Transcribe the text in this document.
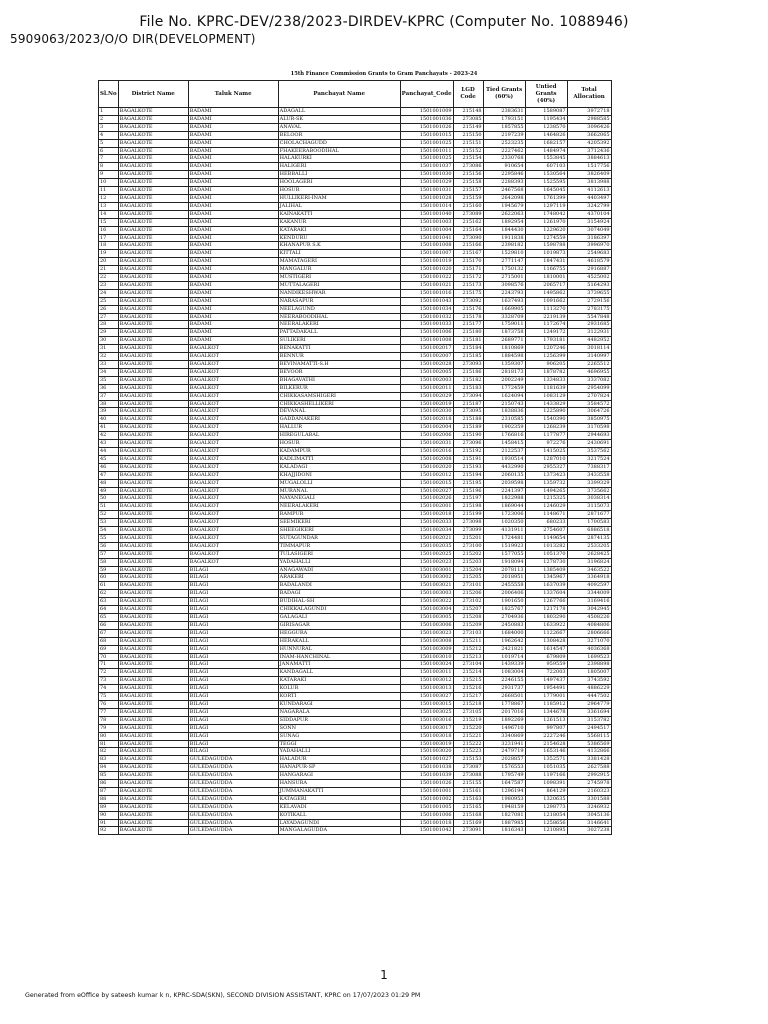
File No. KPRC-DEV/238/2023-DIRDEV-KPRC (Computer No. 1088946)
5909063/2023/O/O DIR(DEVELOPMENT)
15th Finance Commission Grants to Gram Panchayats - 2023-24
Sl.No	District Name	Taluk Name	Panchayat Name	Panchayat_Code	LGD Code	Tied Grants (60%)	Untied Grants (40%)	Total Allocation
1	BAGALKOTE	BADAMI	ADAGALL	1501001009	215148	2383631	1589087	3972718
2	BAGALKOTE	BADAMI	ALUR-SK	1501001036	273085	1793151	1195434	2988585
3	BAGALKOTE	BADAMI	ANAVAL	1501001026	215149	1857855	1238570	3096426
4	BAGALKOTE	BADAMI	BELOOR	1501001015	215150	2197239	1464826	3662065
5	BAGALKOTE	BADAMI	CHOLACHAGUDD	1501001025	215151	2523235	1682157	4205392
6	BAGALKOTE	BADAMI	FHAKEERABOODIHAL	1501001011	215152	2227462	1484974	3712436
7	BAGALKOTE	BADAMI	HALAKURKI	1501001025	215154	2330768	1553845	3884613
8	BAGALKOTE	BADAMI	HALIGERI	1501001037	273086	910654	607103	1517756
9	BAGALKOTE	BADAMI	HEBBALLI	1501001030	215156	2295846	1530564	3826409
10	BAGALKOTE	BADAMI	HOOLAGERI	1501001029	215158	2288393	1525595	3813988
11	BAGALKOTE	BADAMI	HOSUR	1501001031	215157	2467568	1645045	4112613
12	BAGALKOTE	BADAMI	HULLIKERI-INAM	1501001028	215159	2642098	1761399	4403497
13	BAGALKOTE	BADAMI	JALIHAL	1501001014	215160	1945679	1297119	3242799
14	BAGALKOTE	BADAMI	KAINAKATTI	1501001040	273089	2622063	1748042	4370104
15	BAGALKOTE	BADAMI	KAKANUR	1501001003	215162	1892954	1261970	3154924
16	BAGALKOTE	BADAMI	KATARAKI	1501001004	215164	1844430	1229620	3074049
17	BAGALKOTE	BADAMI	KENDURU	1501001041	273090	1911838	1274559	3186397
18	BAGALKOTE	BADAMI	KHANAPUR S.K	1501001008	215166	2398182	1598788	3996970
19	BAGALKOTE	BADAMI	KITTALI	1501001007	215167	1529810	1019873	2549683
20	BAGALKOTE	BADAMI	MAMATAGERI	1501001019	215170	2771147	1847431	4618579
21	BAGALKOTE	BADAMI	MANGALUR	1501001020	215171	1750132	1166755	2916887
22	BAGALKOTE	BADAMI	MUSTIGERI	1501001022	215172	2715001	1810001	4525002
23	BAGALKOTE	BADAMI	MUTTALAGERI	1501001021	215173	3098576	2065717	5164293
24	BAGALKOTE	BADAMI	NANDIKESHWAR	1501001016	215175	2243793	1495862	3739655
25	BAGALKOTE	BADAMI	NARASAPUR	1501001043	273092	1637493	1091662	2729156
26	BAGALKOTE	BADAMI	NEELAGUND	1501001034	215176	1669905	1113270	2783175
27	BAGALKOTE	BADAMI	NEERABOODIHAL	1501001032	215178	3328709	2219139	5547848
28	BAGALKOTE	BADAMI	NEERALAKERI	1501001033	215177	1759011	1172674	2931685
29	BAGALKOTE	BADAMI	PATTADAKALL	1501001006	215180	1873758	1249172	3122931
30	BAGALKOTE	BADAMI	SULIKERI	1501001008	215181	2689771	1793181	4482952
31	BAGALKOTE	BAGALKOT	BENAKATTI	1501002017	215184	1810869	1207246	3018114
32	BAGALKOTE	BAGALKOT	BENNUR	1501002007	215185	1884598	1256399	3140997
33	BAGALKOTE	BAGALKOT	BEVINAMATTI-S.H	1501002028	273093	1359307	906205	2265512
34	BAGALKOTE	BAGALKOT	BEVOOR	1501002005	215186	2818173	1878782	4696955
35	BAGALKOTE	BAGALKOT	BHAGAVATHI	1501002003	215182	2002249	1334833	3337082
36	BAGALKOTE	BAGALKOT	BILKERUR	1501002011	215183	1772459	1181639	2954099
37	BAGALKOTE	BAGALKOT	CHIKKASAMSHIGERI	1501002029	273094	1624094	1083129	2707824
38	BAGALKOTE	BAGALKOT	CHIKKASHELLIKERI	1501002019	215187	2150743	1433829	3584572
39	BAGALKOTE	BAGALKOT	DEVANAL	1501002030	273095	1838836	1225890	3064726
40	BAGALKOTE	BAGALKOT	GADDANAKERI	1501002018	215188	2310585	1540390	3850975
41	BAGALKOTE	BAGALKOT	HALLUR	1501002004	215189	1902359	1268239	3170598
42	BAGALKOTE	BAGALKOT	HIREGULABAL	1501002006	215190	1766816	1177877	2944693
43	BAGALKOTE	BAGALKOT	HOSUR	1501002031	273096	1458415	972276	2430691
44	BAGALKOTE	BAGALKOT	KADAMPUR	1501002016	215192	2122537	1415025	3537562
45	BAGALKOTE	BAGALKOT	KADLIMATTI	1501002008	215191	1930514	1287010	3217524
46	BAGALKOTE	BAGALKOT	KALADAGI	1501002020	215193	4432990	2955327	7388317
47	BAGALKOTE	BAGALKOT	KHAJJIDONI	1501002012	215194	2060135	1373423	3433558
48	BAGALKOTE	BAGALKOT	MUGALOLLI	1501002015	215195	2039598	1359732	3399329
49	BAGALKOTE	BAGALKOT	MURANAL	1501002027	215196	2241397	1494265	3735662
50	BAGALKOTE	BAGALKOT	NAYANEGALI	1501002026	215197	1822988	1215325	3038314
51	BAGALKOTE	BAGALKOT	NEERALAKERI	1501002001	215198	1869044	1246029	3115073
52	BAGALKOTE	BAGALKOT	RAMPUR	1501002018	215199	1723006	1148671	2871677
53	BAGALKOTE	BAGALKOT	SEEMIKERI	1501002033	273098	1020350	680233	1700583
54	BAGALKOTE	BAGALKOT	SHEEGIKERI	1501002034	273099	4131911	2754607	6886518
55	BAGALKOTE	BAGALKOT	SUTAGUNDAR	1501002021	215201	1724481	1149654	2874135
56	BAGALKOTE	BAGALKOT	TIMMAPUR	1501002035	273100	1519923	1013282	2533205
57	BAGALKOTE	BAGALKOT	TULASIGERI	1501002025	215202	1577055	1051370	2628425
58	BAGALKOTE	BAGALKOT	YADAHALLI	1501002023	215203	1918094	1278730	3196824
59	BAGALKOTE	BILAGI	ANAGAWADI	1501003001	215204	2078113	1385409	3463522
60	BAGALKOTE	BILAGI	ARAKERI	1501003002	215205	2018951	1345967	3364918
61	BAGALKOTE	BILAGI	BADALANDI	1501003021	273101	2455558	1637039	4092597
62	BAGALKOTE	BILAGI	BADAGI	1501003003	215206	2006406	1337604	3344009
63	BAGALKOTE	BILAGI	BUDIHAL-SH	1501003022	273102	1901650	1267766	3169416
64	BAGALKOTE	BILAGI	CHIKKALAGUNDI	1501003004	215207	1825767	1217178	3042945
65	BAGALKOTE	BILAGI	GALAGALI	1501003005	215208	2704936	1803290	4508226
66	BAGALKOTE	BILAGI	GIRISAGAR	1501003006	215209	2450883	1633922	4084806
67	BAGALKOTE	BILAGI	HEGGURA	1501003023	273103	1684000	1122667	2806666
68	BAGALKOTE	BILAGI	HERAKALL	1501003008	215211	1962642	1308428	3271070
69	BAGALKOTE	BILAGI	HUNNURAL	1501003009	215212	2421821	1614547	4036368
70	BAGALKOTE	BILAGI	INAM-HANCHINAL	1501003010	215213	1019714	679809	1699523
71	BAGALKOTE	BILAGI	JANAMATTI	1501003024	273104	1439339	959559	2398898
72	BAGALKOTE	BILAGI	KANDAGALL	1501003011	215214	1083004	722003	1805007
73	BAGALKOTE	BILAGI	KATARAKI	1501003012	215215	2246155	1497437	3743592
74	BAGALKOTE	BILAGI	KOLUR	1501003013	215216	2931737	1954491	4886229
75	BAGALKOTE	BILAGI	KORTI	1501003027	215217	2668501	1779001	4447502
76	BAGALKOTE	BILAGI	KUNDARAGI	1501003015	215218	1778867	1185912	2964779
77	BAGALKOTE	BILAGI	NAGARALA	1501003025	273105	2017016	1344678	3361694
78	BAGALKOTE	BILAGI	SIDDAPUR	1501003016	215219	1892269	1261513	3153782
79	BAGALKOTE	BILAGI	SONN	1501003017	215220	1496710	997807	2494517
80	BAGALKOTE	BILAGI	SUNAG	1501003018	215221	3340869	2227246	5568115
81	BAGALKOTE	BILAGI	TEGGI	1501003019	215222	3231941	2154628	5386569
82	BAGALKOTE	BILAGI	YADAHALLI	1501003020	215223	2479719	1653146	4132866
83	BAGALKOTE	GULEDAGUDDA	HALADUR	1501001027	215153	2028857	1352571	3381428
84	BAGALKOTE	GULEDAGUDDA	HANAPUR-SP	1501001038	273087	1576553	1051035	2627588
85	BAGALKOTE	GULEDAGUDDA	HANGARAGI	1501001039	273088	1795749	1197166	2992915
86	BAGALKOTE	GULEDAGUDDA	HANSURA	1501001026	215155	1647587	1098391	2745978
87	BAGALKOTE	GULEDAGUDDA	JUMMANAKATTI	1501001001	215161	1296194	864129	2160323
88	BAGALKOTE	GULEDAGUDDA	KATAGERI	1501001002	215163	1980953	1320635	3301588
89	BAGALKOTE	GULEDAGUDDA	KELAVADI	1501001005	215165	1948159	1298773	3246932
90	BAGALKOTE	GULEDAGUDDA	KOTIKALL	1501001006	215168	1827081	1218054	3045136
91	BAGALKOTE	GULEDAGUDDA	LAYADAGUNDI	1501001018	215169	1887985	1258656	3146641
92	BAGALKOTE	GULEDAGUDDA	MANGALAGUDDA	1501001042	273091	1816343	1210895	3027238
1
Generated from eOffice by sateesh kumar k n, KPRC-SDA(SKN), SECOND DIVISION ASSISTANT, KPRC on 17/07/2023 01:29 PM
